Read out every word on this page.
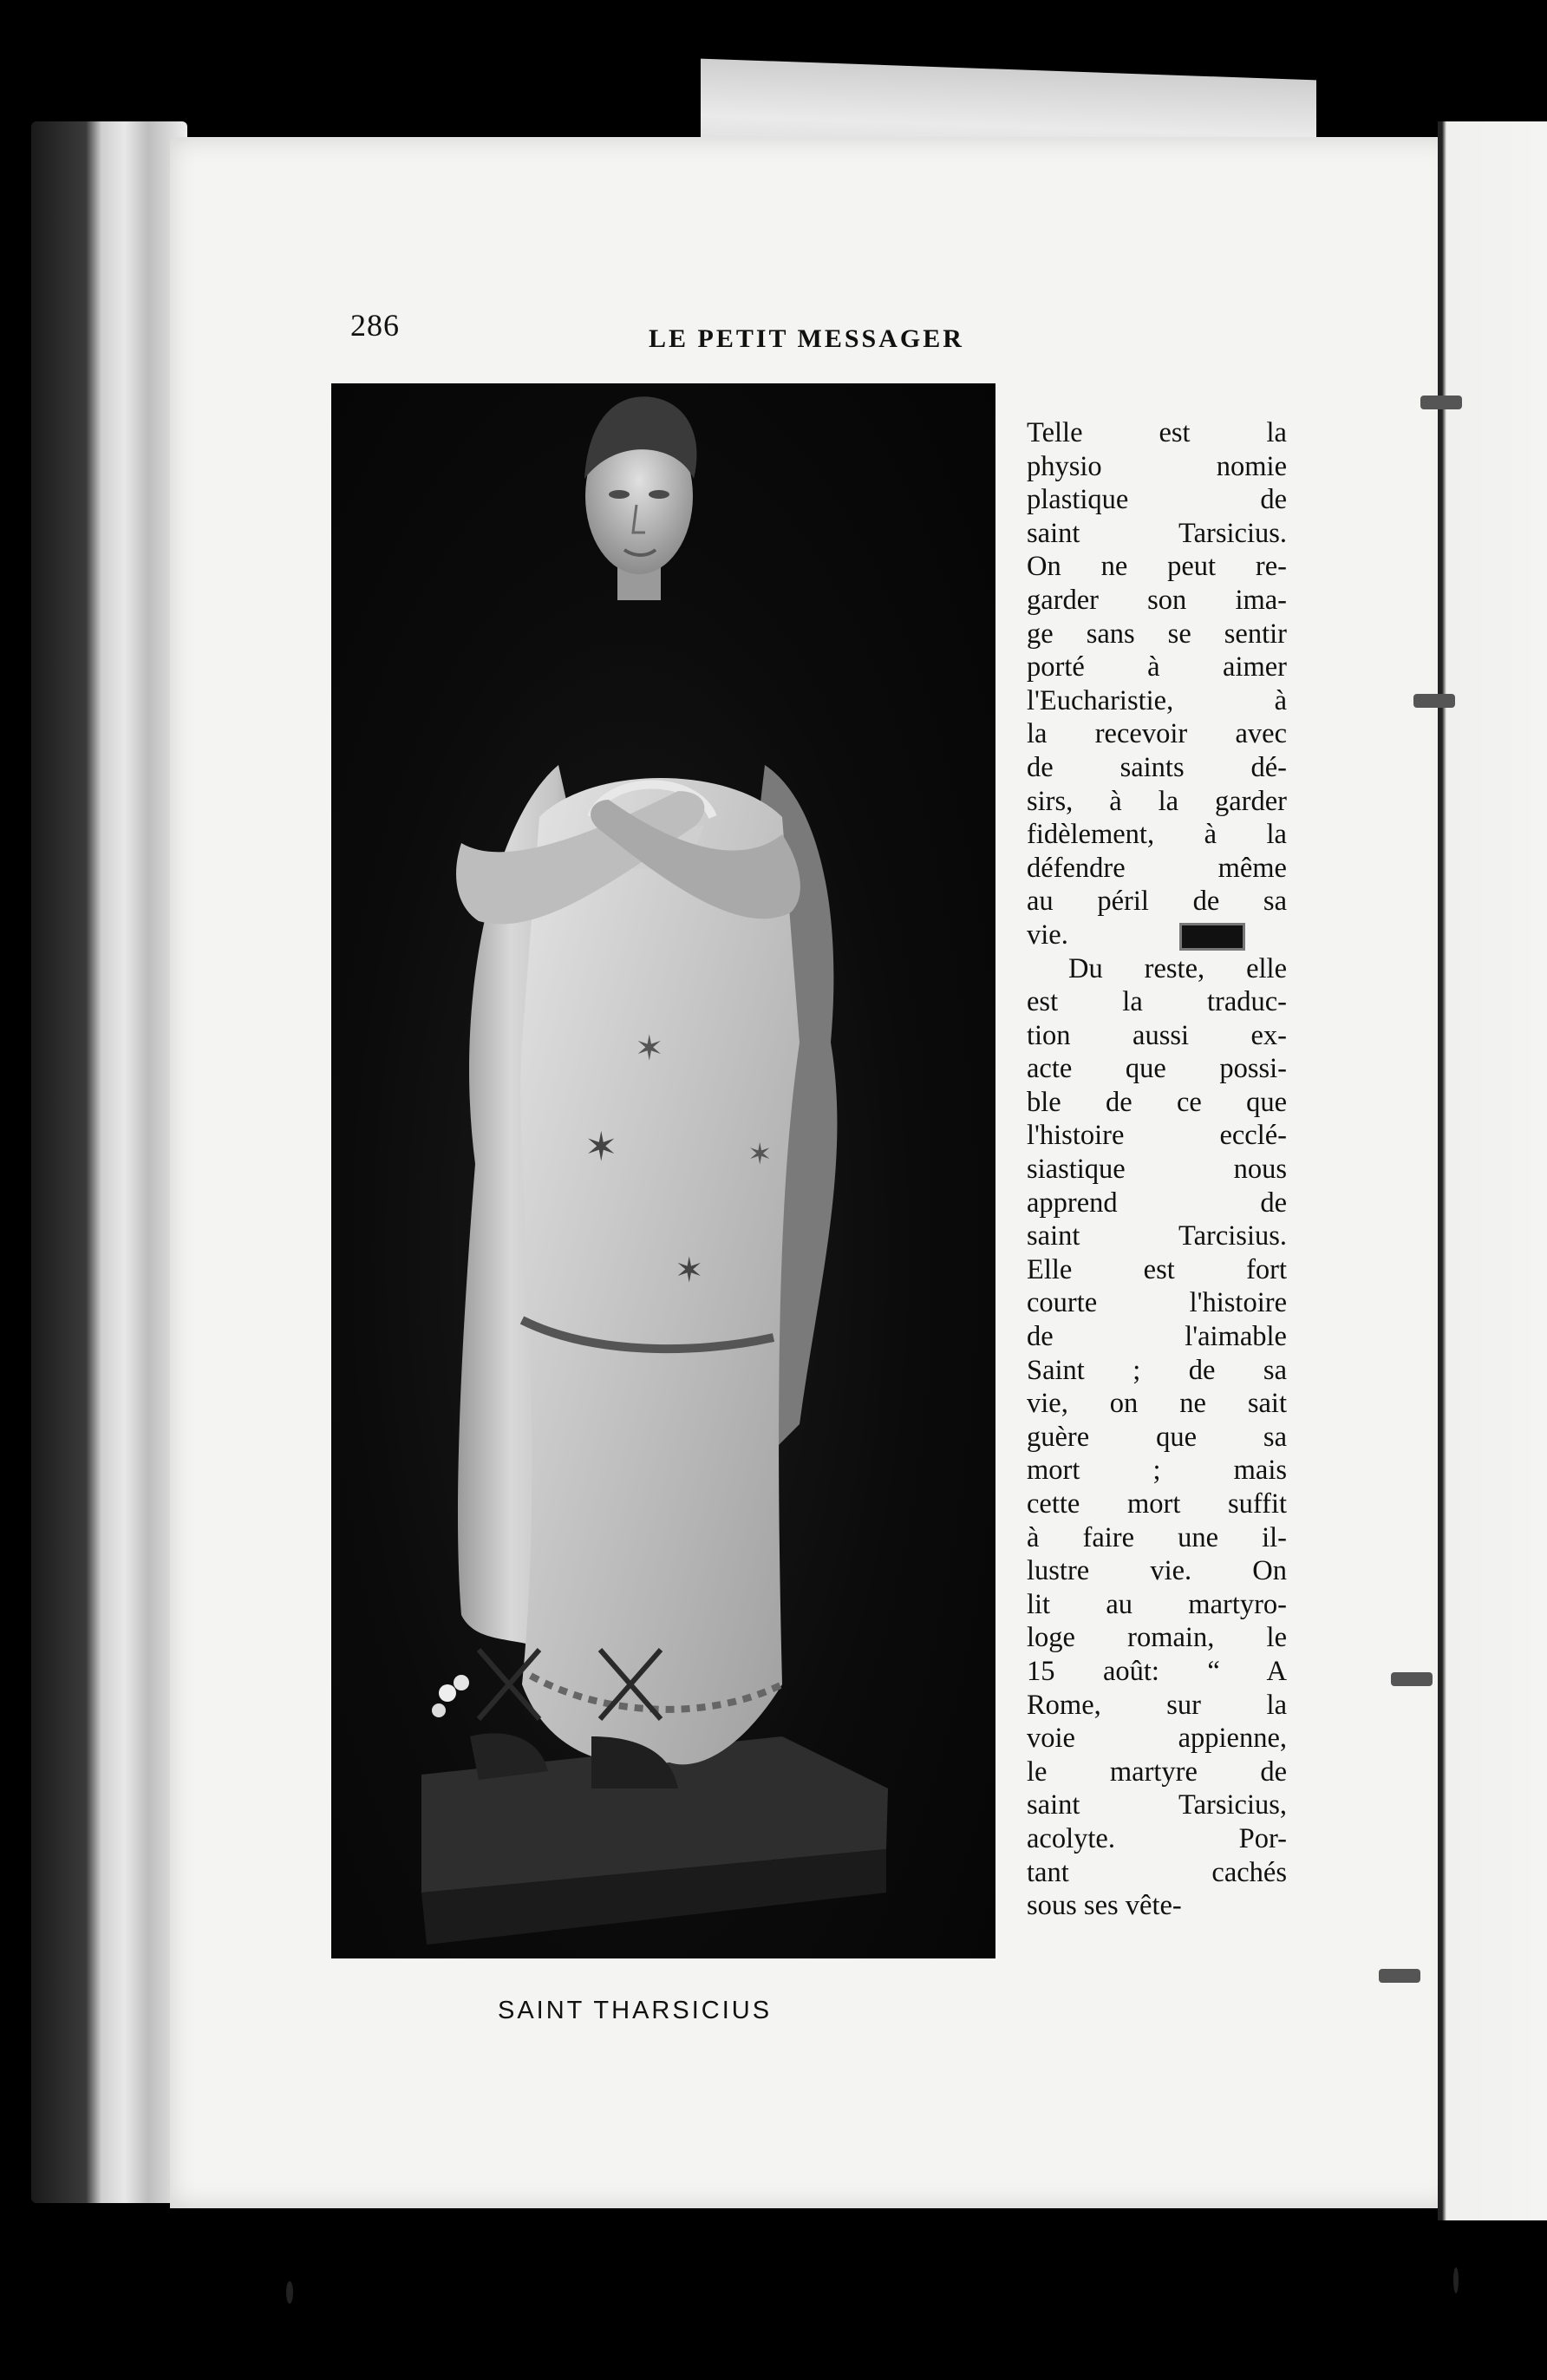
286	LE PETIT MESSAGER
✶
✶
✶
✶
SAINT THARSICIUS
Telle est la
physio nomie
plastique de
saint Tarsicius.
On ne peut re-
garder son ima-
ge sans se sentir
porté à aimer
l'Eucharistie, à
la recevoir avec
de saints dé-
sirs, à la garder
fidèlement, à la
défendre même
au péril de sa
vie.
Du reste, elle
est la traduc-
tion aussi ex-
acte que possi-
ble de ce que
l'histoire ecclé-
siastique nous
apprend de
saint Tarcisius.
Elle est fort
courte l'histoire
de l'aimable
Saint ; de sa
vie, on ne sait
guère que sa
mort ; mais
cette mort suffit
à faire une il-
lustre vie. On
lit au martyro-
loge romain, le
15 août: “ A
Rome, sur la
voie appienne,
le martyre de
saint Tarsicius,
acolyte. Por-
tant cachés
sous ses vête-
